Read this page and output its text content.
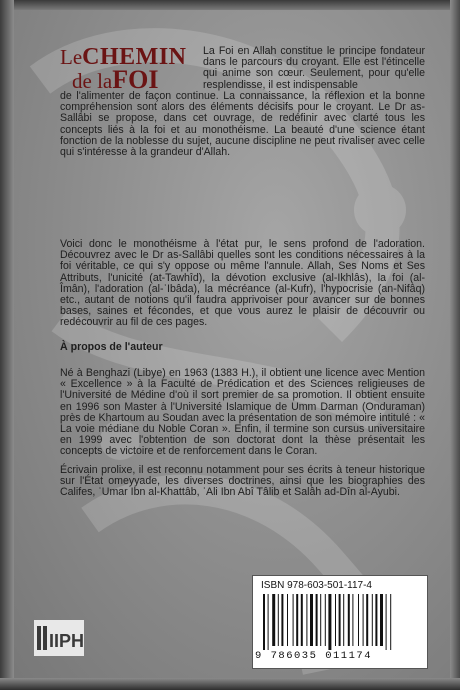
LeCHEMIN
de laFOI

La Foi en Allah constitue le principe fondateur dans le parcours du croyant. Elle est l'étincelle qui anime son cœur. Seulement, pour qu'elle resplendisse, il est indispensable

de l'alimenter de façon continue. La connaissance, la réflexion et la bonne compréhension sont alors des éléments décisifs pour le croyant. Le Dr as-Sallâbi se propose, dans cet ouvrage, de redéfinir avec clarté tous les concepts liés à la foi et au monothéisme. La beauté d'une science étant fonction de la noblesse du sujet, aucune discipline ne peut rivaliser avec celle qui s'intéresse à la grandeur d'Allah.

Voici donc le monothéisme à l'état pur, le sens profond de l'adoration. Découvrez avec le Dr as-Sallâbi quelles sont les conditions nécessaires à la foi véritable, ce qui s'y oppose ou même l'annule. Allah, Ses Noms et Ses Attributs, l'unicité (at-Tawhîd), la dévotion exclusive (al-Ikhlâs), la foi (al-Îmân), l'adoration (al-ʿIbâda), la mécréance (al-Kufr), l'hypocrisie (an-Nifâq) etc., autant de notions qu'il faudra apprivoiser pour avancer sur de bonnes bases, saines et fécondes, et que vous aurez le plaisir de découvrir ou redécouvrir au fil de ces pages.

À propos de l'auteur

Né à Benghazi (Libye) en 1963 (1383 H.), il obtient une licence avec Mention « Excellence » à la Faculté de Prédication et des Sciences religieuses de l'Université de Médine d'où il sort premier de sa promotion. Il obtient ensuite en 1996 son Master à l'Université Islamique de Umm Darman (Onduraman) près de Khartoum au Soudan avec la présentation de son mémoire intitulé : « La voie médiane du Noble Coran ». Enfin, il termine son cursus universitaire en 1999 avec l'obtention de son doctorat dont la thèse présentait les concepts de victoire et de renforcement dans le Coran.

Écrivain prolixe, il est reconnu notamment pour ses écrits à teneur historique sur l'État omeyyade, les diverses doctrines, ainsi que les biographies des Califes, ʿUmar Ibn al-Khattâb, ʿAli Ibn Abî Tâlib et Salâh ad-Dîn al-Ayubi.

IIPH
ISBN 978-603-501-117-4
9 786035 011174
